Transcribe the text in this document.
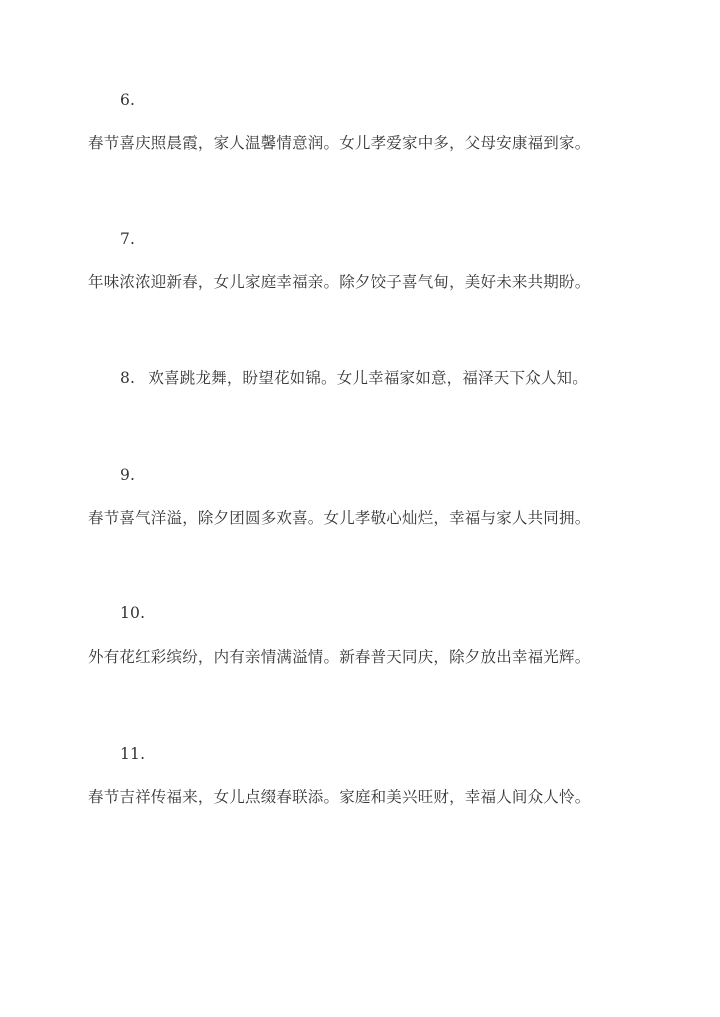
6.
春节喜庆照晨霞，家人温馨情意润。女儿孝爱家中多，父母安康福到家。
7.
年味浓浓迎新春，女儿家庭幸福亲。除夕饺子喜气甸，美好未来共期盼。
8. 欢喜跳龙舞，盼望花如锦。女儿幸福家如意，福泽天下众人知。
9.
春节喜气洋溢，除夕团圆多欢喜。女儿孝敬心灿烂，幸福与家人共同拥。
10.
外有花红彩缤纷，内有亲情满溢情。新春普天同庆，除夕放出幸福光辉。
11.
春节吉祥传福来，女儿点缀春联添。家庭和美兴旺财，幸福人间众人怜。
